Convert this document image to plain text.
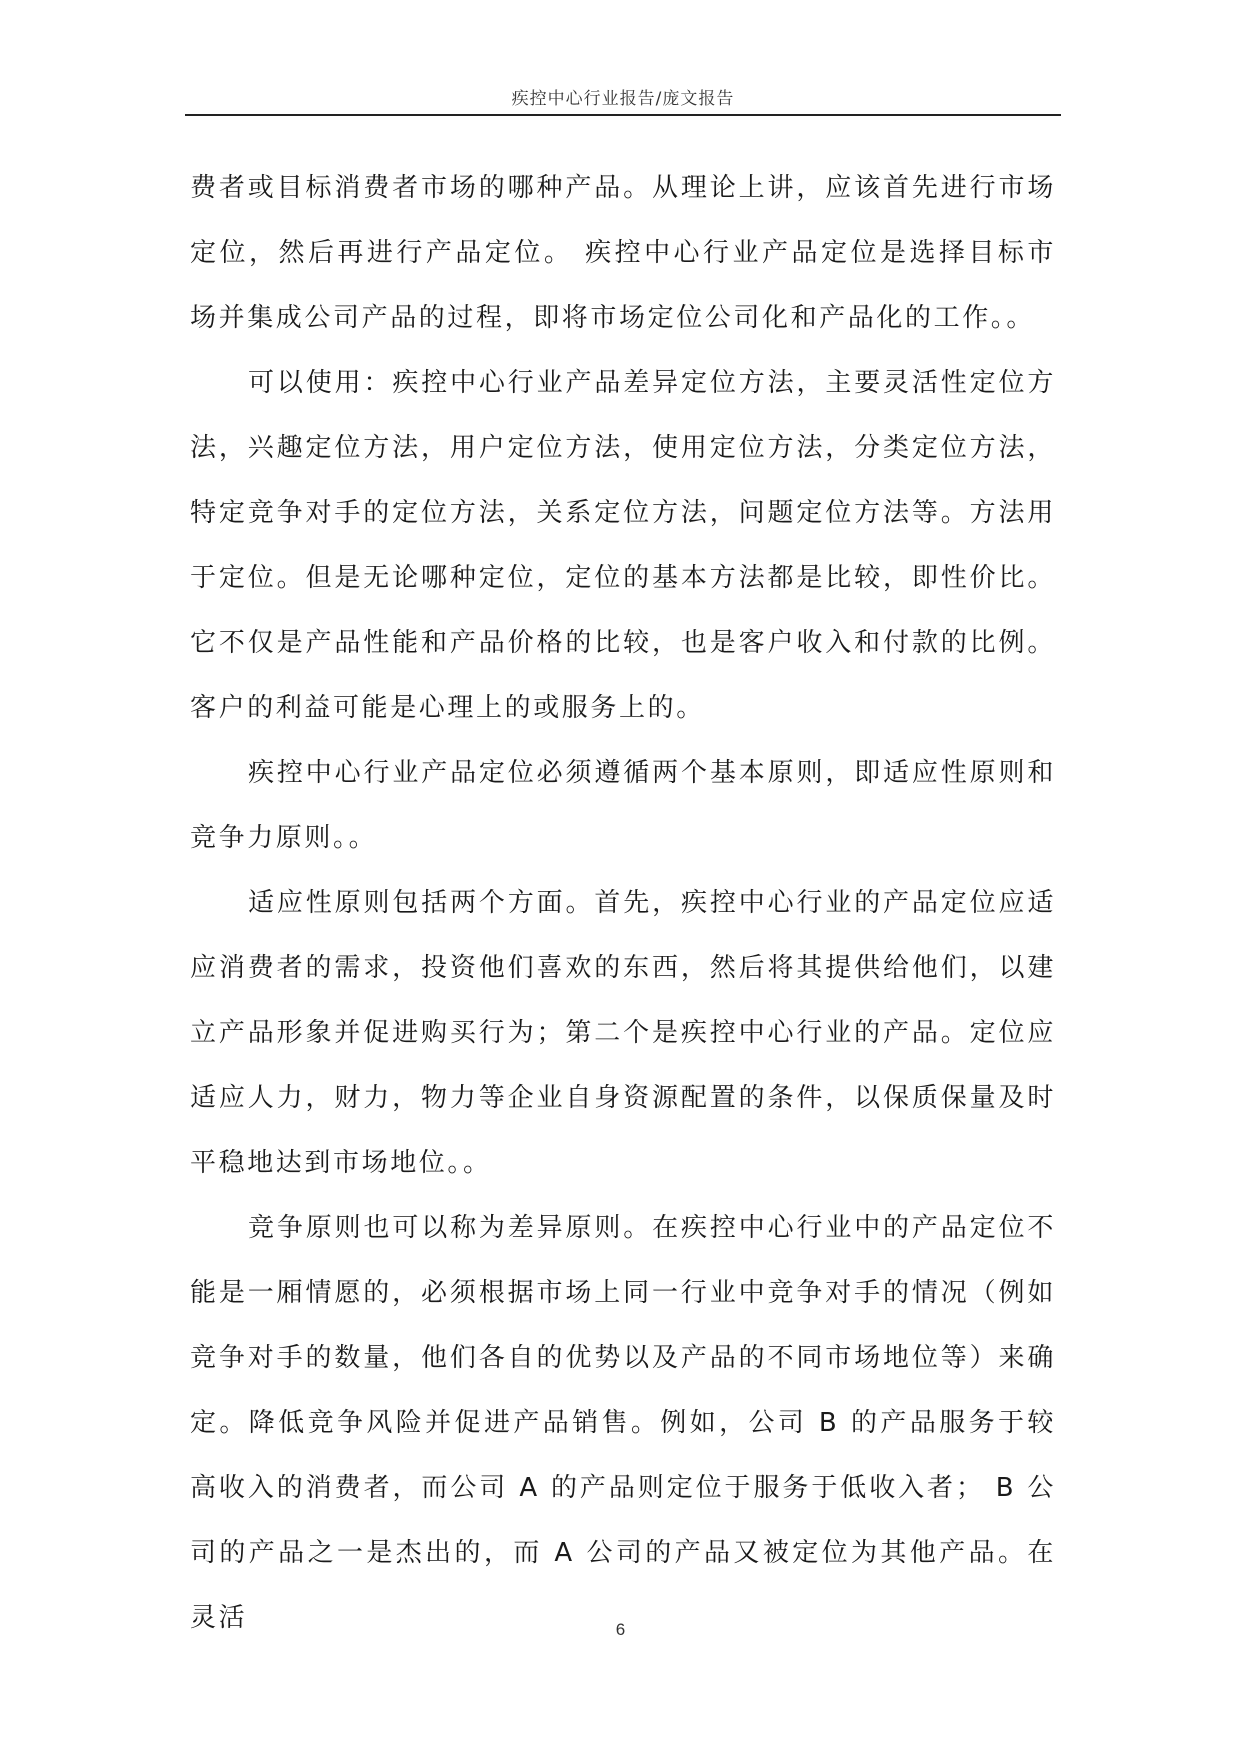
疾控中心行业报告/庞文报告

费者或目标消费者市场的哪种产品。从理论上讲，应该首先进行市场定位，然后再进行产品定位。 疾控中心行业产品定位是选择目标市场并集成公司产品的过程，即将市场定位公司化和产品化的工作。。

可以使用：疾控中心行业产品差异定位方法，主要灵活性定位方法，兴趣定位方法，用户定位方法，使用定位方法，分类定位方法，特定竞争对手的定位方法，关系定位方法，问题定位方法等。方法用于定位。但是无论哪种定位，定位的基本方法都是比较，即性价比。它不仅是产品性能和产品价格的比较，也是客户收入和付款的比例。客户的利益可能是心理上的或服务上的。

疾控中心行业产品定位必须遵循两个基本原则，即适应性原则和竞争力原则。。

适应性原则包括两个方面。首先，疾控中心行业的产品定位应适应消费者的需求，投资他们喜欢的东西，然后将其提供给他们，以建立产品形象并促进购买行为；第二个是疾控中心行业的产品。定位应适应人力，财力，物力等企业自身资源配置的条件，以保质保量及时平稳地达到市场地位。。

竞争原则也可以称为差异原则。在疾控中心行业中的产品定位不能是一厢情愿的，必须根据市场上同一行业中竞争对手的情况（例如竞争对手的数量，他们各自的优势以及产品的不同市场地位等）来确定。降低竞争风险并促进产品销售。例如，公司 B 的产品服务于较高收入的消费者，而公司 A 的产品则定位于服务于低收入者； B 公司的产品之一是杰出的，而 A 公司的产品又被定位为其他产品。在灵活	6
